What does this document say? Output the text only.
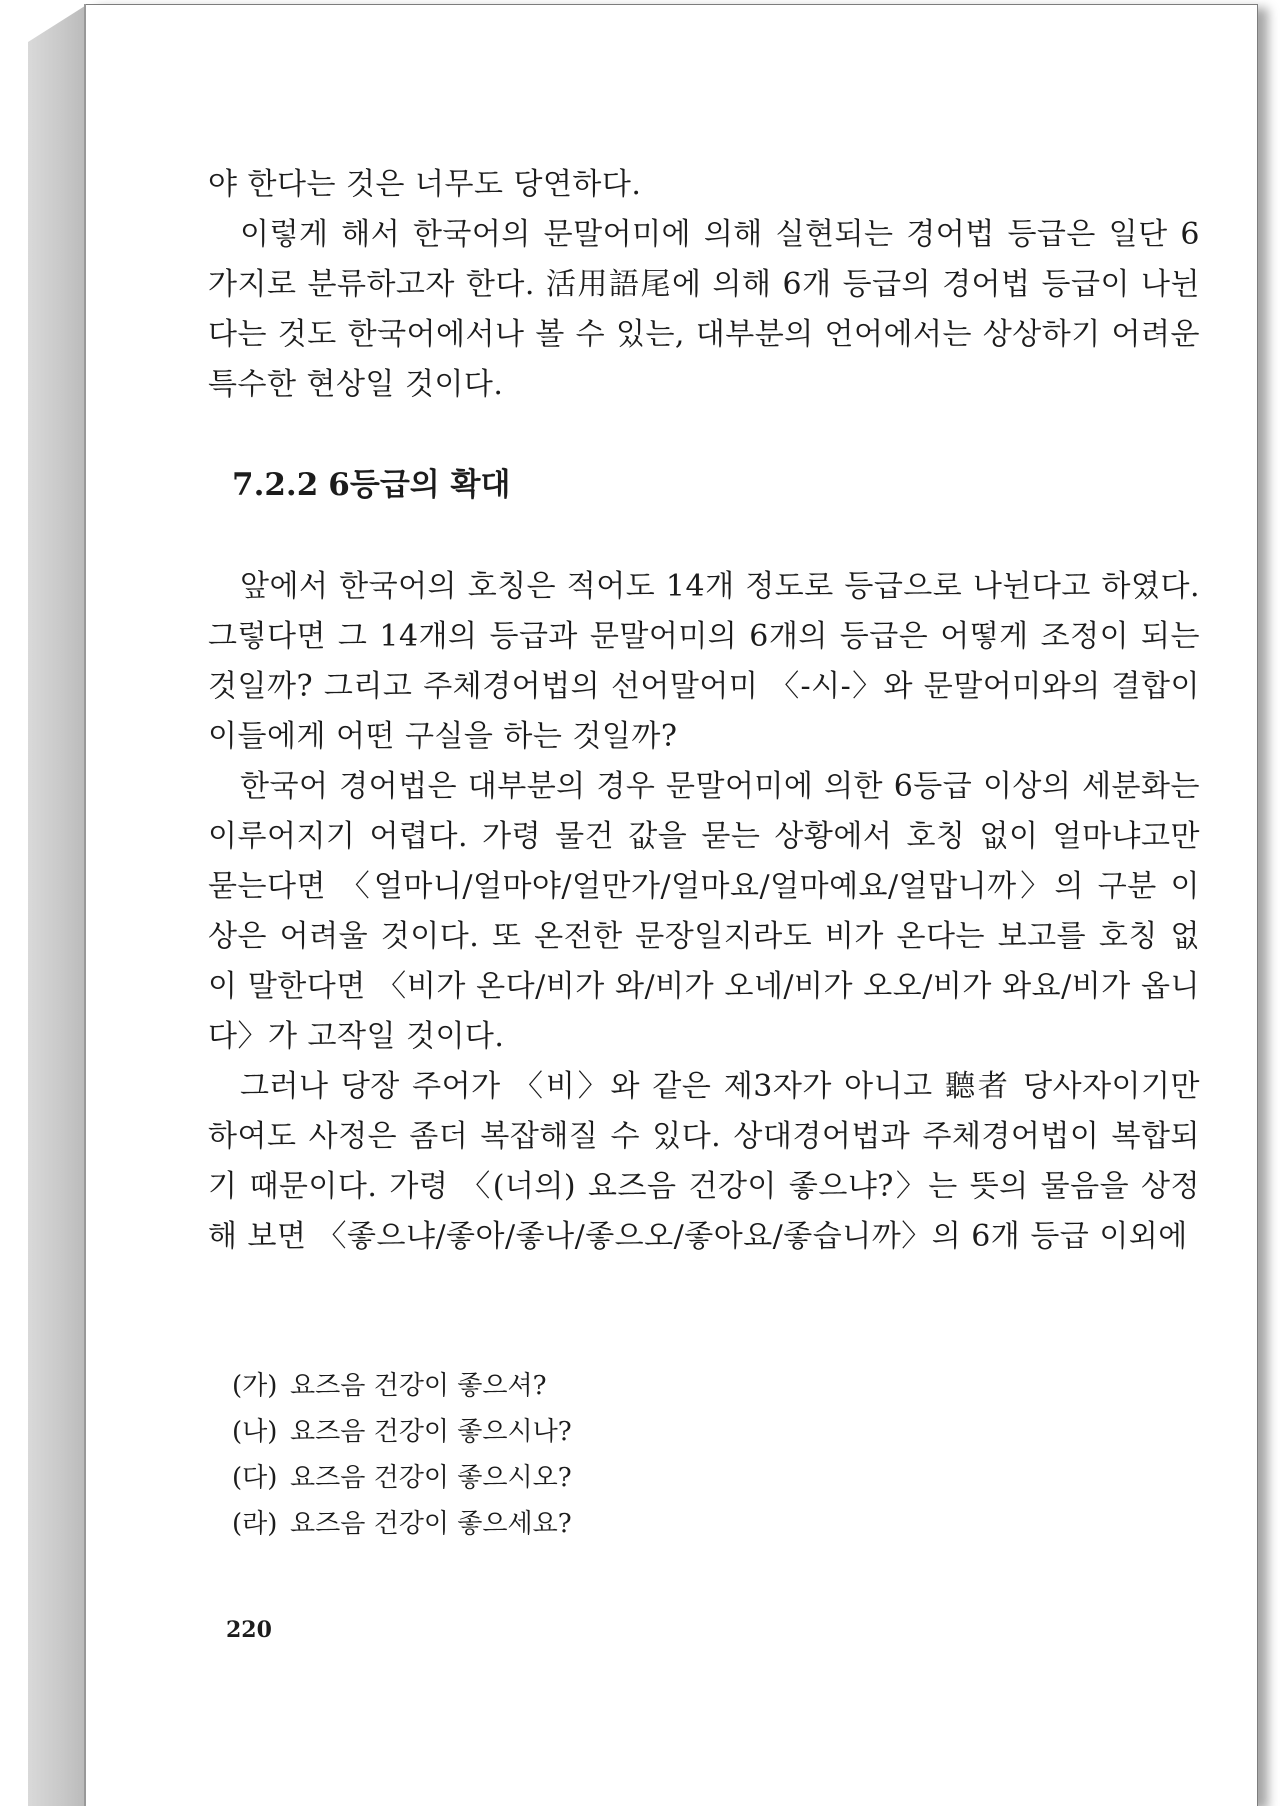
야 한다는 것은 너무도 당연하다.

이렇게 해서 한국어의 문말어미에 의해 실현되는 경어법 등급은 일단 6가지로 분류하고자 한다. 活用語尾에 의해 6개 등급의 경어법 등급이 나뉜다는 것도 한국어에서나 볼 수 있는, 대부분의 언어에서는 상상하기 어려운 특수한 현상일 것이다.

7.2.2 6등급의 확대

앞에서 한국어의 호칭은 적어도 14개 정도로 등급으로 나뉜다고 하였다. 그렇다면 그 14개의 등급과 문말어미의 6개의 등급은 어떻게 조정이 되는 것일까? 그리고 주체경어법의 선어말어미 〈-시-〉와 문말어미와의 결합이 이들에게 어떤 구실을 하는 것일까?

한국어 경어법은 대부분의 경우 문말어미에 의한 6등급 이상의 세분화는 이루어지기 어렵다. 가령 물건 값을 묻는 상황에서 호칭 없이 얼마냐고만 묻는다면 〈얼마니/얼마야/얼만가/얼마요/얼마예요/얼맙니까〉의 구분 이상은 어려울 것이다. 또 온전한 문장일지라도 비가 온다는 보고를 호칭 없이 말한다면 〈비가 온다/비가 와/비가 오네/비가 오오/비가 와요/비가 옵니다〉가 고작일 것이다.

그러나 당장 주어가 〈비〉와 같은 제3자가 아니고 聽者 당사자이기만 하여도 사정은 좀더 복잡해질 수 있다. 상대경어법과 주체경어법이 복합되기 때문이다. 가령 〈(너의) 요즈음 건강이 좋으냐?〉는 뜻의 물음을 상정해 보면 〈좋으냐/좋아/좋나/좋으오/좋아요/좋습니까〉의 6개 등급 이외에

(가) 요즈음 건강이 좋으셔?
(나) 요즈음 건강이 좋으시나?
(다) 요즈음 건강이 좋으시오?
(라) 요즈음 건강이 좋으세요?

220
